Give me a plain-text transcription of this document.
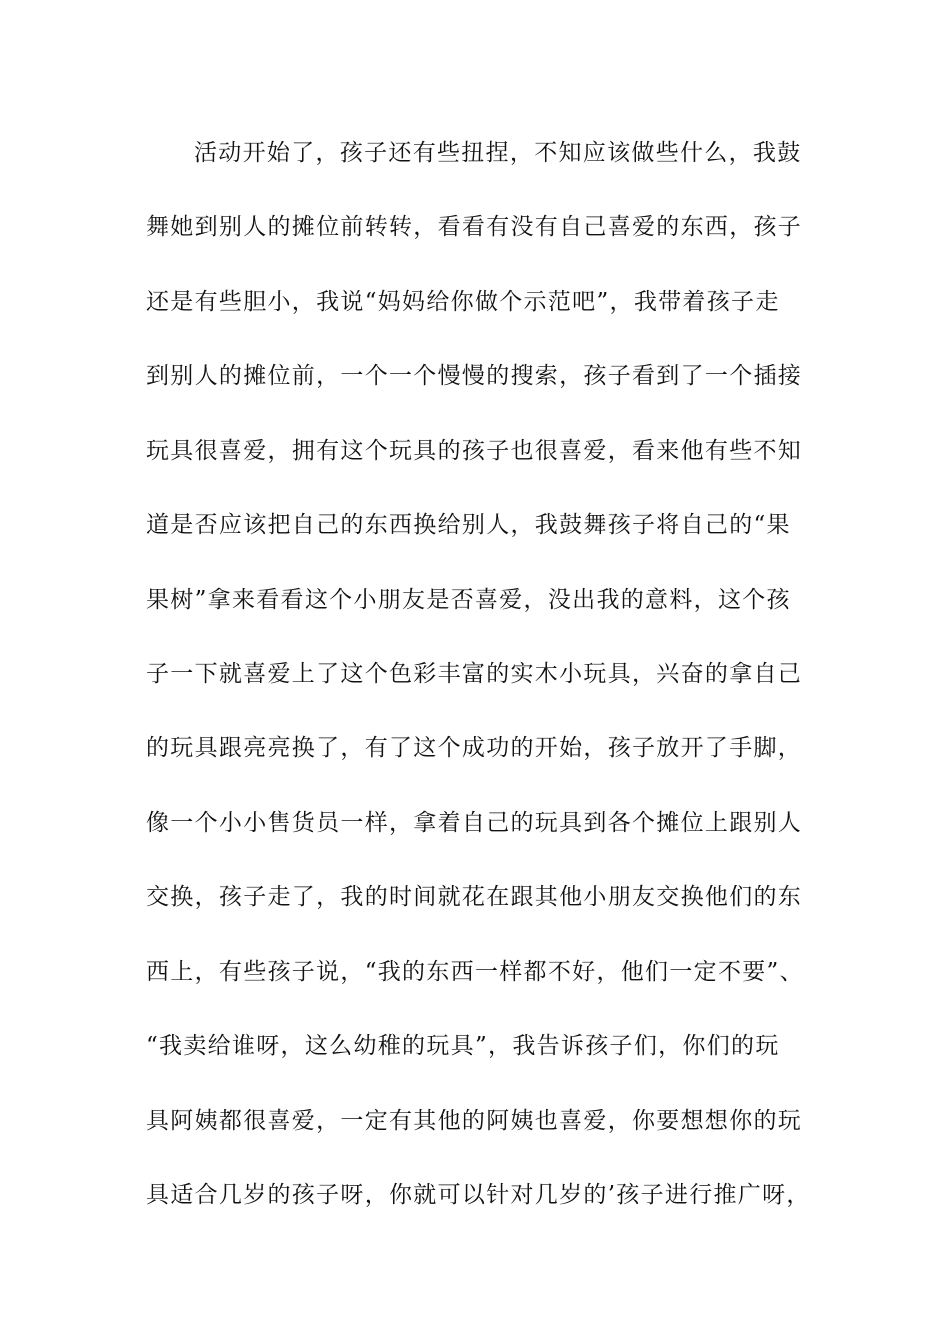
活动开始了，孩子还有些扭捏，不知应该做些什么，我鼓
舞她到别人的摊位前转转，看看有没有自己喜爱的东西，孩子
还是有些胆小，我说“妈妈给你做个示范吧”，我带着孩子走
到别人的摊位前，一个一个慢慢的搜索，孩子看到了一个插接
玩具很喜爱，拥有这个玩具的孩子也很喜爱，看来他有些不知
道是否应该把自己的东西换给别人，我鼓舞孩子将自己的“果
果树”拿来看看这个小朋友是否喜爱，没出我的意料，这个孩
子一下就喜爱上了这个色彩丰富的实木小玩具，兴奋的拿自己
的玩具跟亮亮换了，有了这个成功的开始，孩子放开了手脚，
像一个小小售货员一样，拿着自己的玩具到各个摊位上跟别人
交换，孩子走了，我的时间就花在跟其他小朋友交换他们的东
西上，有些孩子说，“我的东西一样都不好，他们一定不要”、
“我卖给谁呀，这么幼稚的玩具”，我告诉孩子们，你们的玩
具阿姨都很喜爱，一定有其他的阿姨也喜爱，你要想想你的玩
具适合几岁的孩子呀，你就可以针对几岁的’孩子进行推广呀，
